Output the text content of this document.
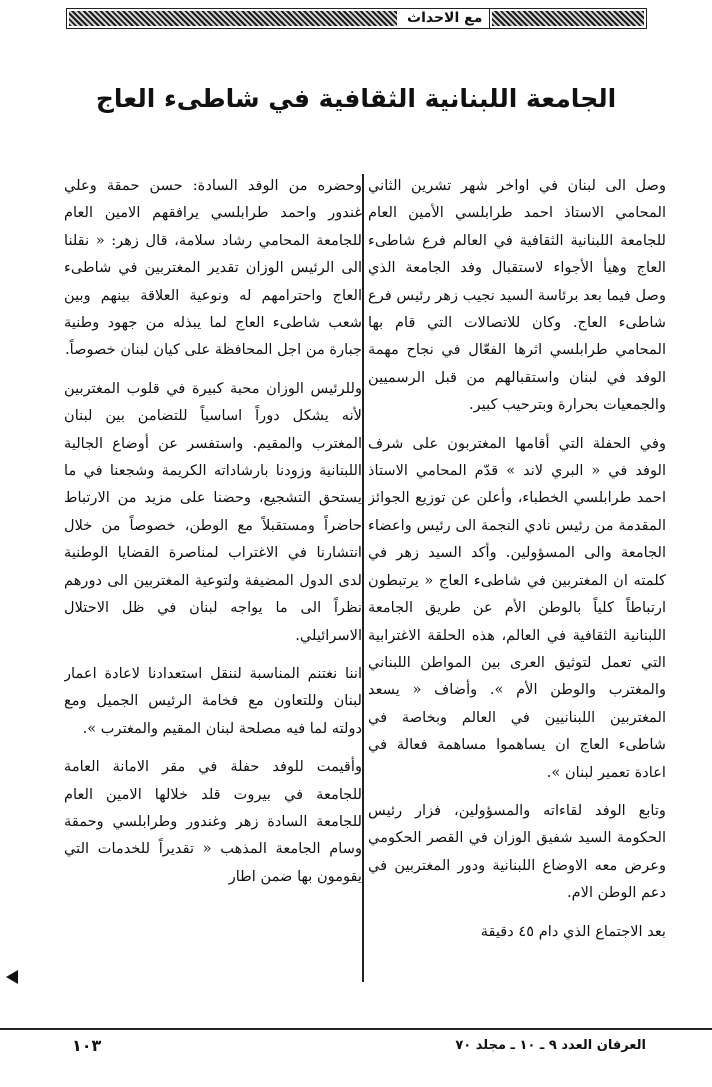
مع الاحداث
الجامعة اللبنانية الثقافية في شاطىء العاج

وصل الى لبنان في اواخر شهر تشرين الثاني المحامي الاستاذ احمد طرابلسي الأمين العام للجامعة اللبنانية الثقافية في العالم فرع شاطىء العاج وهيأ الأجواء لاستقبال وفد الجامعة الذي وصل فيما بعد برئاسة السيد نجيب زهر رئيس فرع شاطىء العاج. وكان للاتصالات التي قام بها المحامي طرابلسي اثرها الفعّال في نجاح مهمة الوفد في لبنان واستقبالهم من قبل الرسميين والجمعيات بحرارة وبترحيب كبير.

وفي الحفلة التي أقامها المغتربون على شرف الوفد في « البري لاند » قدّم المحامي الاستاذ احمد طرابلسي الخطباء، وأعلن عن توزيع الجوائز المقدمة من رئيس نادي النجمة الى رئيس واعضاء الجامعة والى المسؤولين. وأكد السيد زهر في كلمته ان المغتربين في شاطىء العاج « يرتبطون ارتباطاً كلياً بالوطن الأم عن طريق الجامعة اللبنانية الثقافية في العالم، هذه الحلقة الاغترابية التي تعمل لتوثيق العرى بين المواطن اللبناني والمغترب والوطن الأم ». وأضاف « يسعد المغتربين اللبنانيين في العالم وبخاصة في شاطىء العاج ان يساهموا مساهمة فعالة في اعادة تعمير لبنان ».

وتابع الوفد لقاءاته والمسؤولين، فزار رئيس الحكومة السيد شفيق الوزان في القصر الحكومي وعرض معه الاوضاع اللبنانية ودور المغتربين في دعم الوطن الام.

بعد الاجتماع الذي دام ٤٥ دقيقة

وحضره من الوفد السادة: حسن حمقة وعلي غندور واحمد طرابلسي يرافقهم الامين العام للجامعة المحامي رشاد سلامة، قال زهر: « نقلنا الى الرئيس الوزان تقدير المغتربين في شاطىء العاج واحترامهم له ونوعية العلاقة بينهم وبين شعب شاطىء العاج لما يبذله من جهود وطنية جبارة من اجل المحافظة على كيان لبنان خصوصاً.

وللرئيس الوزان محبة كبيرة في قلوب المغتربين لأنه يشكل دوراً اساسياً للتضامن بين لبنان المغترب والمقيم. واستفسر عن أوضاع الجالية اللبنانية وزودنا بارشاداته الكريمة وشجعنا في ما يستحق التشجيع، وحضنا على مزيد من الارتباط حاضراً ومستقبلاً مع الوطن، خصوصاً من خلال انتشارنا في الاغتراب لمناصرة القضايا الوطنية لدى الدول المضيفة ولتوعية المغتربين الى دورهم نظراً الى ما يواجه لبنان في ظل الاحتلال الاسرائيلي.

اننا نغتنم المناسبة لننقل استعدادنا لاعادة اعمار لبنان وللتعاون مع فخامة الرئيس الجميل ومع دولته لما فيه مصلحة لبنان المقيم والمغترب ».

وأقيمت للوفد حفلة في مقر الامانة العامة للجامعة في بيروت قلد خلالها الامين العام للجامعة السادة زهر وغندور وطرابلسي وحمقة وسام الجامعة المذهب « تقديراً للخدمات التي يقومون بها ضمن اطار

العرفان العدد ٩ ـ ١٠ ـ مجلد ٧٠
١٠٣
